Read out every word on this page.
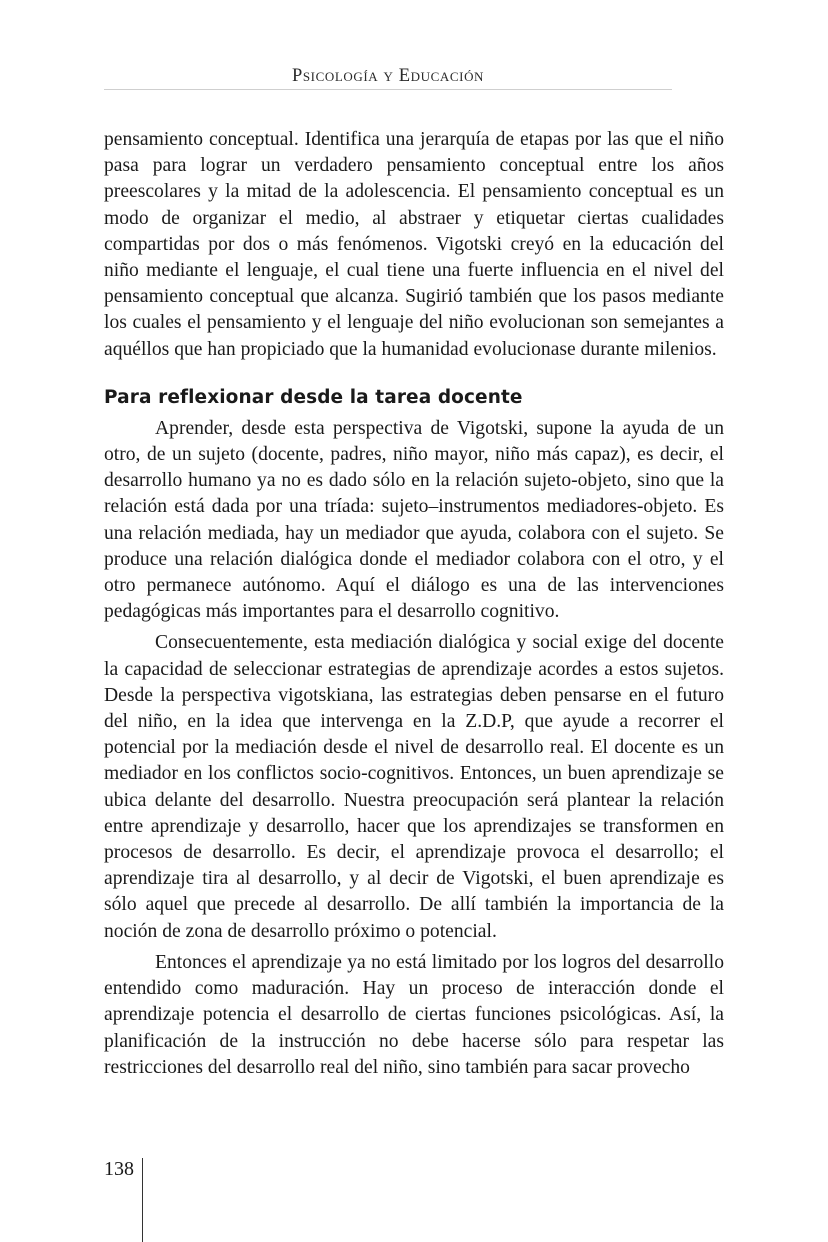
Psicología y Educación

pensamiento conceptual. Identifica una jerarquía de etapas por las que el niño pasa para lograr un verdadero pensamiento conceptual entre los años preescolares y la mitad de la adolescencia. El pensamiento conceptual es un modo de organizar el medio, al abstraer y etiquetar ciertas cualidades compartidas por dos o más fenómenos. Vigotski creyó en la educación del niño mediante el lenguaje, el cual tiene una fuerte influencia en el nivel del pensamiento conceptual que alcanza. Sugirió también que los pasos mediante los cuales el pensamiento y el lenguaje del niño evolucionan son semejantes a aquéllos que han propiciado que la humanidad evolucionase durante milenios.

Para reflexionar desde la tarea docente

Aprender, desde esta perspectiva de Vigotski, supone la ayuda de un otro, de un sujeto (docente, padres, niño mayor, niño más capaz), es decir, el desarrollo humano ya no es dado sólo en la relación sujeto-objeto, sino que la relación está dada por una tríada: sujeto–instrumentos mediadores-objeto. Es una relación mediada, hay un mediador que ayuda, colabora con el sujeto. Se produce una relación dialógica donde el mediador colabora con el otro, y el otro permanece autónomo. Aquí el diálogo es una de las intervenciones pedagógicas más importantes para el desarrollo cognitivo.

Consecuentemente, esta mediación dialógica y social exige del docente la capacidad de seleccionar estrategias de aprendizaje acordes a estos sujetos. Desde la perspectiva vigotskiana, las estrategias deben pensarse en el futuro del niño, en la idea que intervenga en la Z.D.P, que ayude a recorrer el potencial por la mediación desde el nivel de desarrollo real. El docente es un mediador en los conflictos socio-cognitivos. Entonces, un buen aprendizaje se ubica delante del desarrollo. Nuestra preocupación será plantear la relación entre aprendizaje y desarrollo, hacer que los aprendizajes se transformen en procesos de desarrollo. Es decir, el aprendizaje provoca el desarrollo; el aprendizaje tira al desarrollo, y al decir de Vigotski, el buen aprendizaje es sólo aquel que precede al desarrollo. De allí también la importancia de la noción de zona de desarrollo próximo o potencial.

Entonces el aprendizaje ya no está limitado por los logros del desarrollo entendido como maduración. Hay un proceso de interacción donde el aprendizaje potencia el desarrollo de ciertas funciones psicológicas. Así, la planificación de la instrucción no debe hacerse sólo para respetar las restricciones del desarrollo real del niño, sino también para sacar provecho

138
